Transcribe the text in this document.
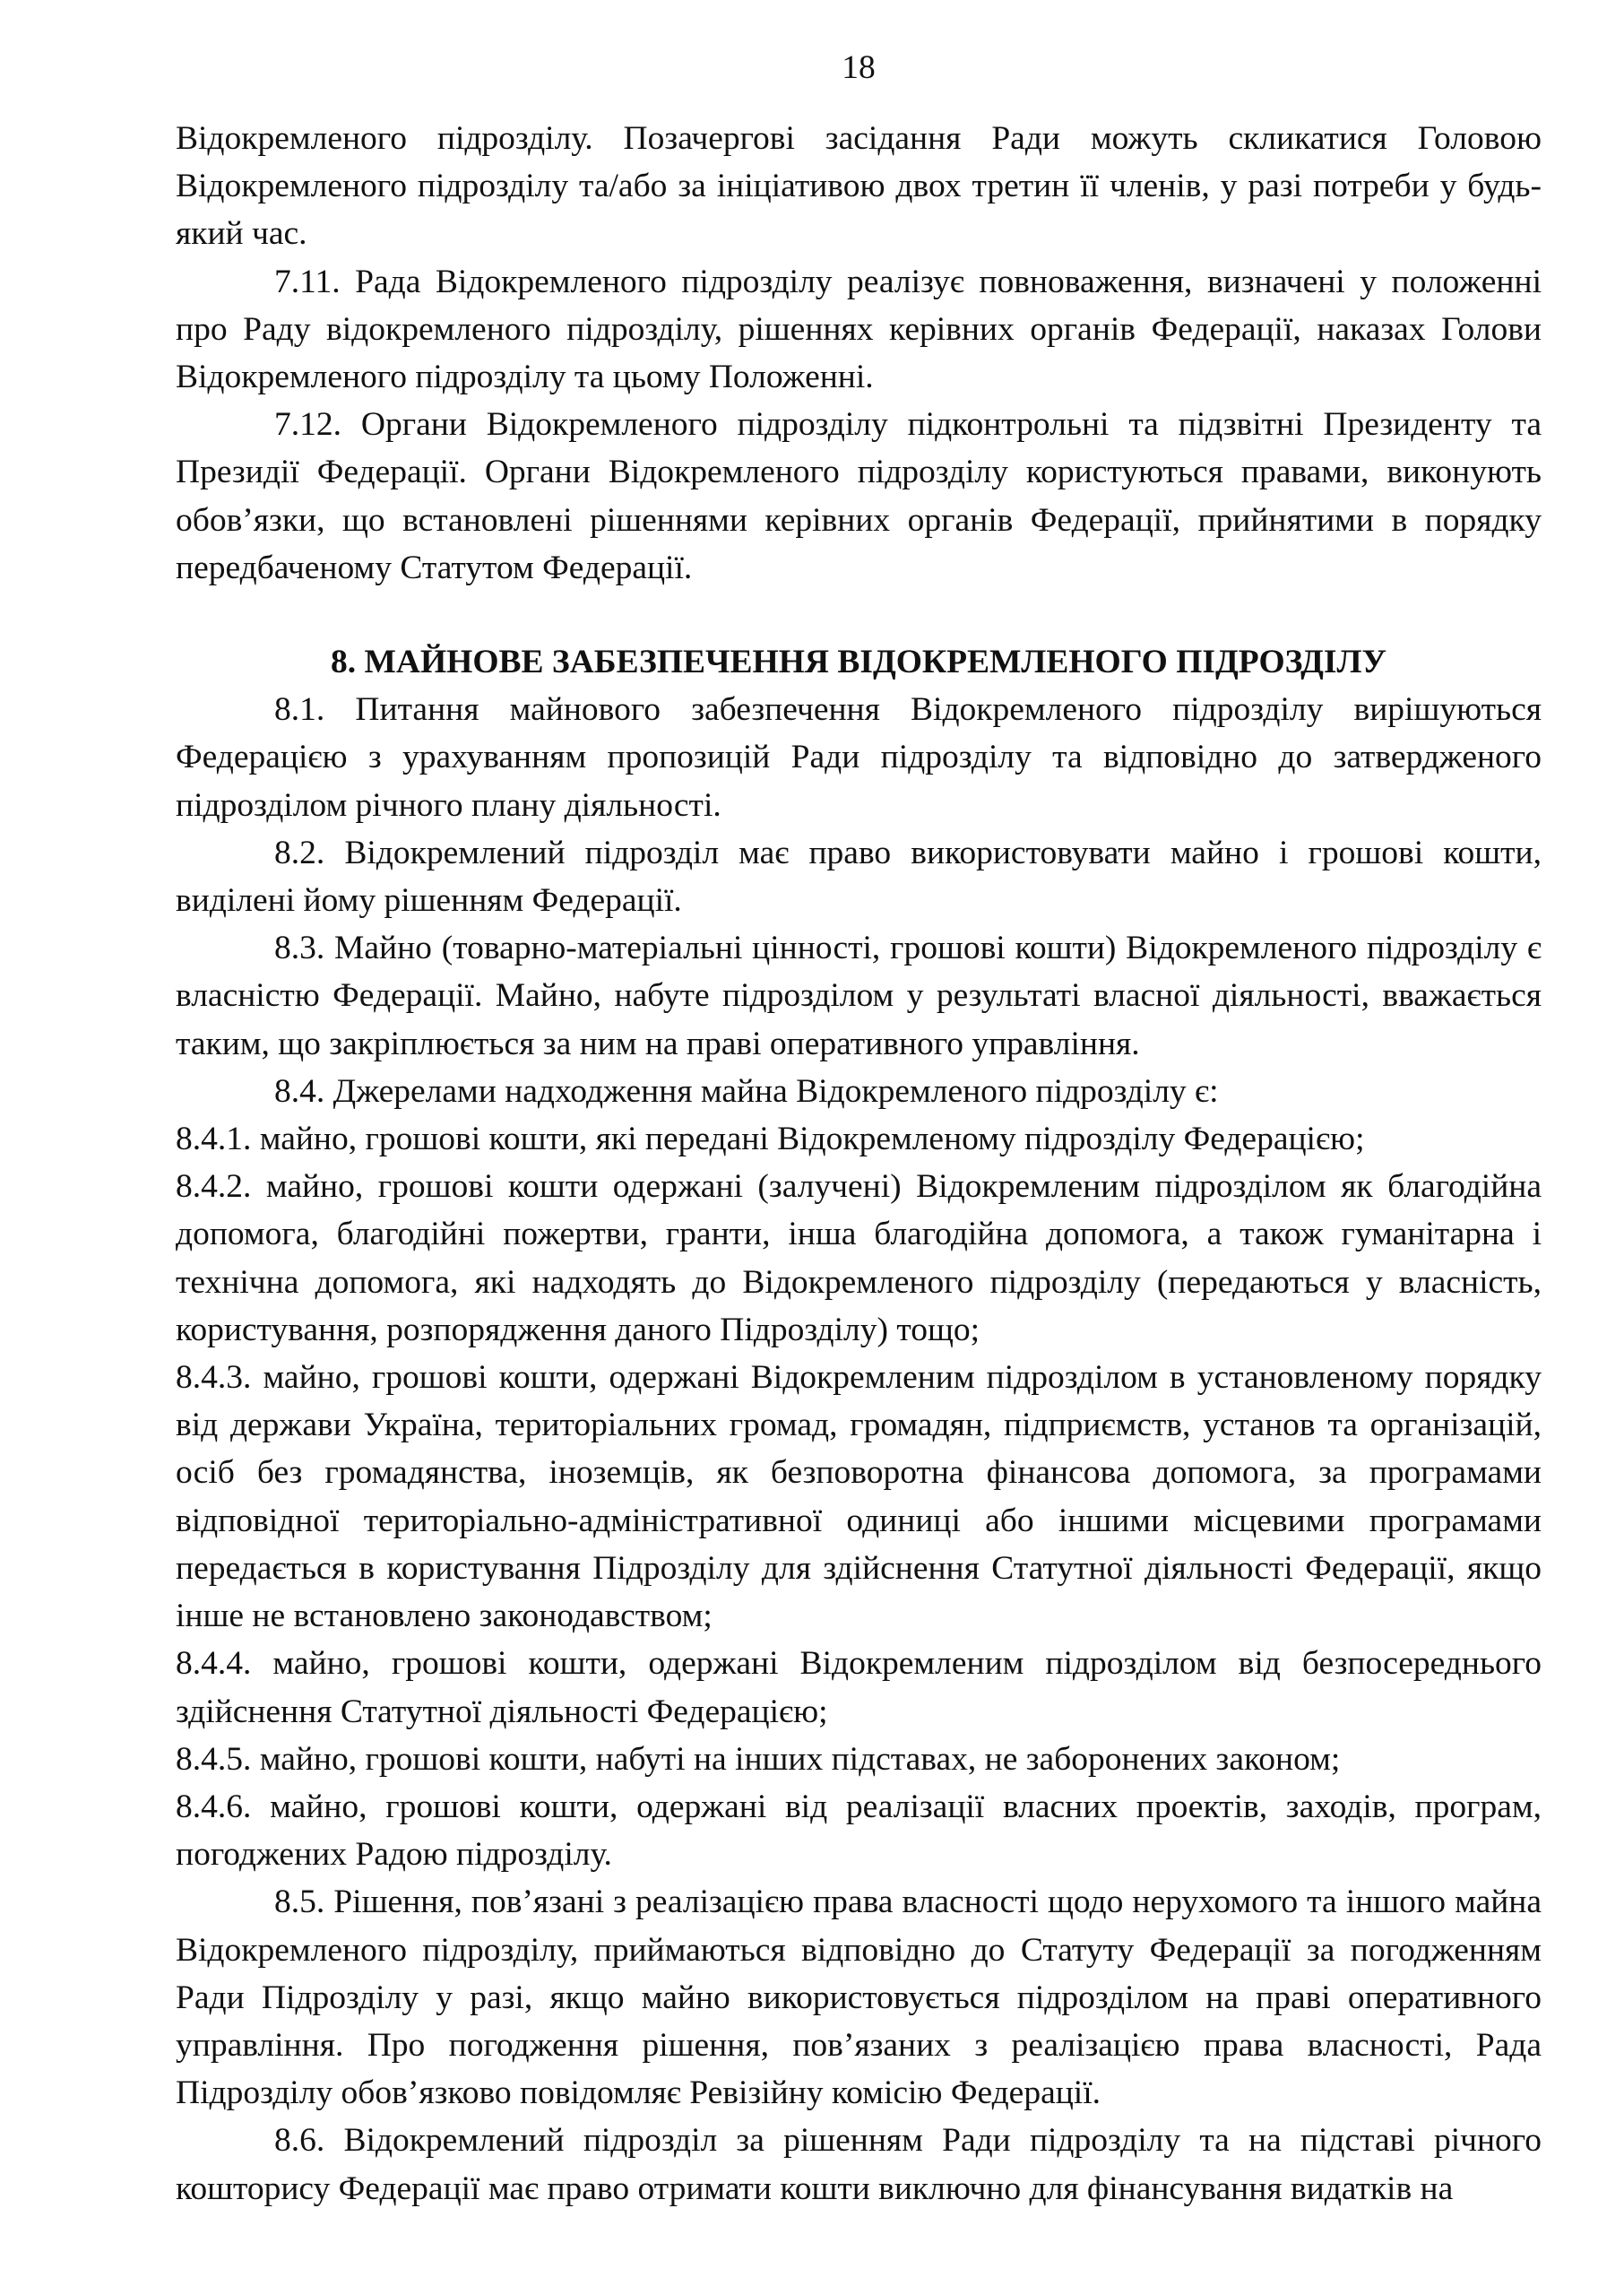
18

Відокремленого підрозділу. Позачергові засідання Ради можуть скликатися Головою Відокремленого підрозділу та/або за ініціативою двох третин її членів, у разі потреби у будь-який час.

7.11. Рада Відокремленого підрозділу реалізує повноваження, визначені у положенні про Раду відокремленого підрозділу, рішеннях керівних органів Федерації, наказах Голови Відокремленого підрозділу та цьому Положенні.

7.12. Органи Відокремленого підрозділу підконтрольні та підзвітні Президенту та Президії Федерації. Органи Відокремленого підрозділу користуються правами, виконують обов’язки, що встановлені рішеннями керівних органів Федерації, прийнятими в порядку передбаченому Статутом Федерації.

8. МАЙНОВЕ ЗАБЕЗПЕЧЕННЯ ВІДОКРЕМЛЕНОГО ПІДРОЗДІЛУ

8.1. Питання майнового забезпечення Відокремленого підрозділу вирішуються Федерацією з урахуванням пропозицій Ради підрозділу та відповідно до затвердженого підрозділом річного плану діяльності.

8.2. Відокремлений підрозділ має право використовувати майно і грошові кошти, виділені йому рішенням Федерації.

8.3. Майно (товарно-матеріальні цінності, грошові кошти) Відокремленого підрозділу є власністю Федерації. Майно, набуте підрозділом у результаті власної діяльності, вважається таким, що закріплюється за ним на праві оперативного управління.

8.4. Джерелами надходження майна Відокремленого підрозділу є:

8.4.1. майно, грошові кошти, які передані Відокремленому підрозділу Федерацією;

8.4.2. майно, грошові кошти одержані (залучені) Відокремленим підрозділом як благодійна допомога, благодійні пожертви, гранти, інша благодійна допомога, а також гуманітарна і технічна допомога, які надходять до Відокремленого підрозділу (передаються у власність, користування, розпорядження даного Підрозділу) тощо;

8.4.3. майно, грошові кошти, одержані Відокремленим підрозділом в установленому порядку від держави Україна, територіальних громад, громадян, підприємств, установ та організацій, осіб без громадянства, іноземців, як безповоротна фінансова допомога, за програмами відповідної територіально-адміністративної одиниці або іншими місцевими програмами передається в користування Підрозділу для здійснення Статутної діяльності Федерації, якщо інше не встановлено законодавством;

8.4.4. майно, грошові кошти, одержані Відокремленим підрозділом від безпосереднього здійснення Статутної діяльності Федерацією;

8.4.5. майно, грошові кошти, набуті на інших підставах, не заборонених законом;

8.4.6. майно, грошові кошти, одержані від реалізації власних проектів, заходів, програм, погоджених Радою підрозділу.

8.5. Рішення, пов’язані з реалізацією права власності щодо нерухомого та іншого майна Відокремленого підрозділу, приймаються відповідно до Статуту Федерації за погодженням Ради Підрозділу у разі, якщо майно використовується підрозділом на праві оперативного управління. Про погодження рішення, пов’язаних з реалізацією права власності, Рада Підрозділу обов’язково повідомляє Ревізійну комісію Федерації.

8.6. Відокремлений підрозділ за рішенням Ради підрозділу та на підставі річного кошторису Федерації має право отримати кошти виключно для фінансування видатків на
